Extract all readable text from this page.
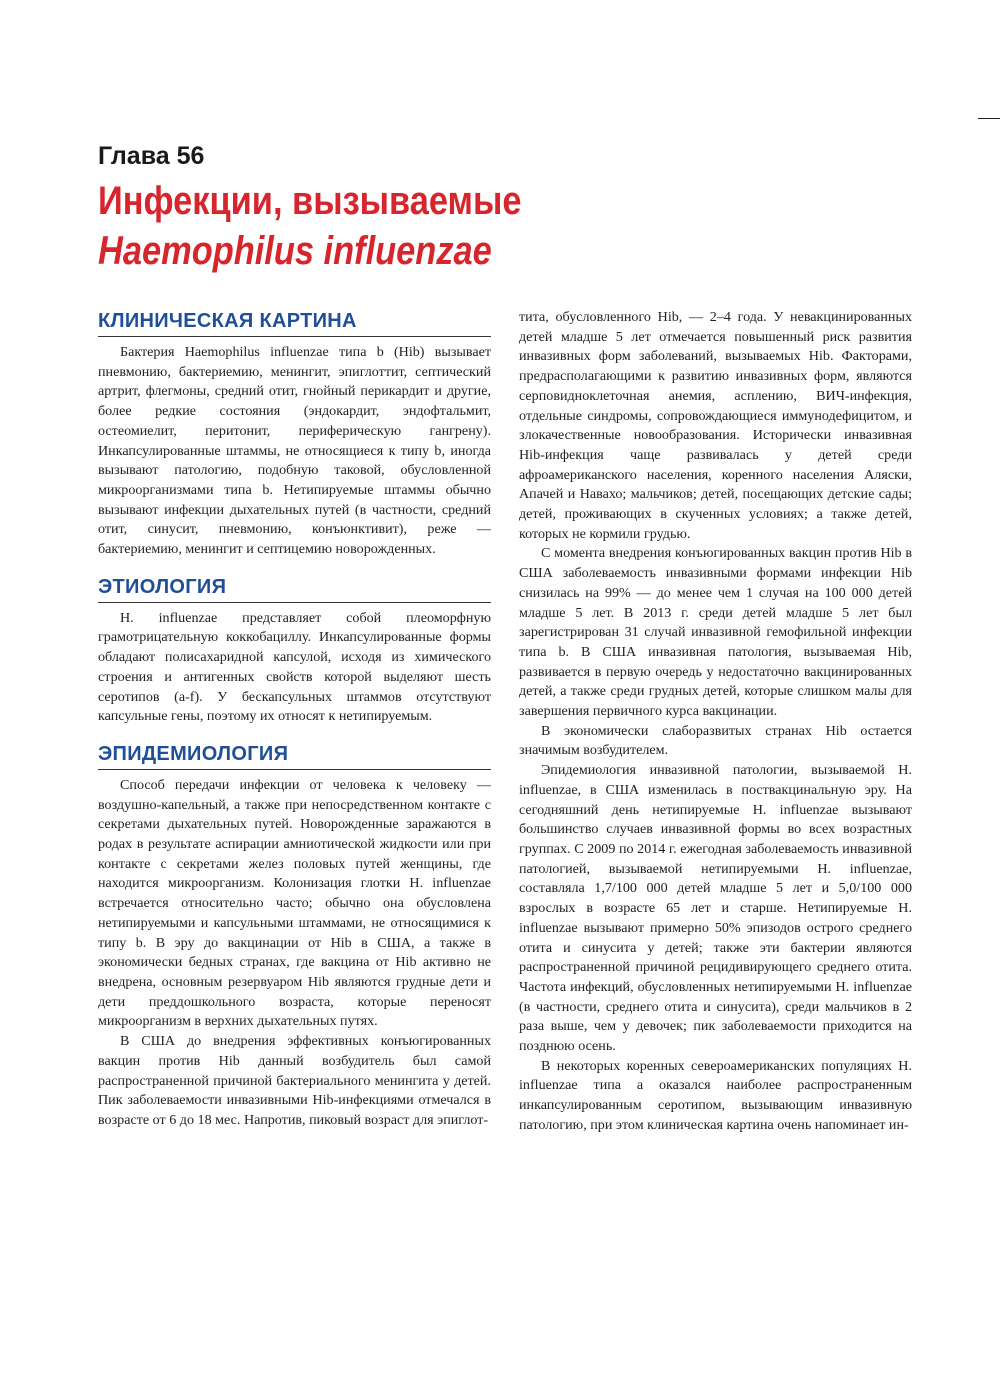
Глава 56
Инфекции, вызываемые
Haemophilus influenzae
КЛИНИЧЕСКАЯ КАРТИНА

Бактерия Haemophilus influenzae типа b (Hib) вызывает пневмонию, бактериемию, менингит, эпиглоттит, септический артрит, флегмоны, средний отит, гнойный перикардит и другие, более редкие состояния (эндокардит, эндофтальмит, остеомиелит, перитонит, периферическую гангрену). Инкапсулированные штаммы, не относящиеся к типу b, иногда вызывают патологию, подобную таковой, обусловленной микроорганизмами типа b. Нетипируемые штаммы обычно вызывают инфекции дыхательных путей (в частности, средний отит, синусит, пневмонию, конъюнктивит), реже — бактериемию, менингит и септицемию новорожденных.

ЭТИОЛОГИЯ

H. influenzae представляет собой плеоморфную грамотрицательную коккобациллу. Инкапсулированные формы обладают полисахаридной капсулой, исходя из химического строения и антигенных свойств которой выделяют шесть серотипов (a-f). У бескапсульных штаммов отсутствуют капсульные гены, поэтому их относят к нетипируемым.

ЭПИДЕМИОЛОГИЯ

Способ передачи инфекции от человека к человеку — воздушно-капельный, а также при непосредственном контакте с секретами дыхательных путей. Новорожденные заражаются в родах в результате аспирации амниотической жидкости или при контакте с секретами желез половых путей женщины, где находится микроорганизм. Колонизация глотки H. influenzae встречается относительно часто; обычно она обусловлена нетипируемыми и капсульными штаммами, не относящимися к типу b. В эру до вакцинации от Hib в США, а также в экономически бедных странах, где вакцина от Hib активно не внедрена, основным резервуаром Hib являются грудные дети и дети преддошкольного возраста, которые переносят микроорганизм в верхних дыхательных путях.

В США до внедрения эффективных конъюгированных вакцин против Hib данный возбудитель был самой распространенной причиной бактериального менингита у детей. Пик заболеваемости инвазивными Hib-инфекциями отмечался в возрасте от 6 до 18 мес. Напротив, пиковый возраст для эпиглот-

тита, обусловленного Hib, — 2–4 года. У невакцинированных детей младше 5 лет отмечается повышенный риск развития инвазивных форм заболеваний, вызываемых Hib. Факторами, предрасполагающими к развитию инвазивных форм, являются серповидноклеточная анемия, асплению, ВИЧ-инфекция, отдельные синдромы, сопровождающиеся иммунодефицитом, и злокачественные новообразования. Исторически инвазивная Hib-инфекция чаще развивалась у детей среди афроамериканского населения, коренного населения Аляски, Апачей и Навахо; мальчиков; детей, посещающих детские сады; детей, проживающих в скученных условиях; а также детей, которых не кормили грудью.

С момента внедрения конъюгированных вакцин против Hib в США заболеваемость инвазивными формами инфекции Hib снизилась на 99% — до менее чем 1 случая на 100 000 детей младше 5 лет. В 2013 г. среди детей младше 5 лет был зарегистрирован 31 случай инвазивной гемофильной инфекции типа b. В США инвазивная патология, вызываемая Hib, развивается в первую очередь у недостаточно вакцинированных детей, а также среди грудных детей, которые слишком малы для завершения первичного курса вакцинации.

В экономически слаборазвитых странах Hib остается значимым возбудителем.

Эпидемиология инвазивной патологии, вызываемой H. influenzae, в США изменилась в поствакцинальную эру. На сегодняшний день нетипируемые H. influenzae вызывают большинство случаев инвазивной формы во всех возрастных группах. С 2009 по 2014 г. ежегодная заболеваемость инвазивной патологией, вызываемой нетипируемыми H. influenzae, составляла 1,7/100 000 детей младше 5 лет и 5,0/100 000 взрослых в возрасте 65 лет и старше. Нетипируемые H. influenzae вызывают примерно 50% эпизодов острого среднего отита и синусита у детей; также эти бактерии являются распространенной причиной рецидивирующего среднего отита. Частота инфекций, обусловленных нетипируемыми H. influenzae (в частности, среднего отита и синусита), среди мальчиков в 2 раза выше, чем у девочек; пик заболеваемости приходится на позднюю осень.

В некоторых коренных североамериканских популяциях H. influenzae типа a оказался наиболее распространенным инкапсулированным серотипом, вызывающим инвазивную патологию, при этом клиническая картина очень напоминает ин-
